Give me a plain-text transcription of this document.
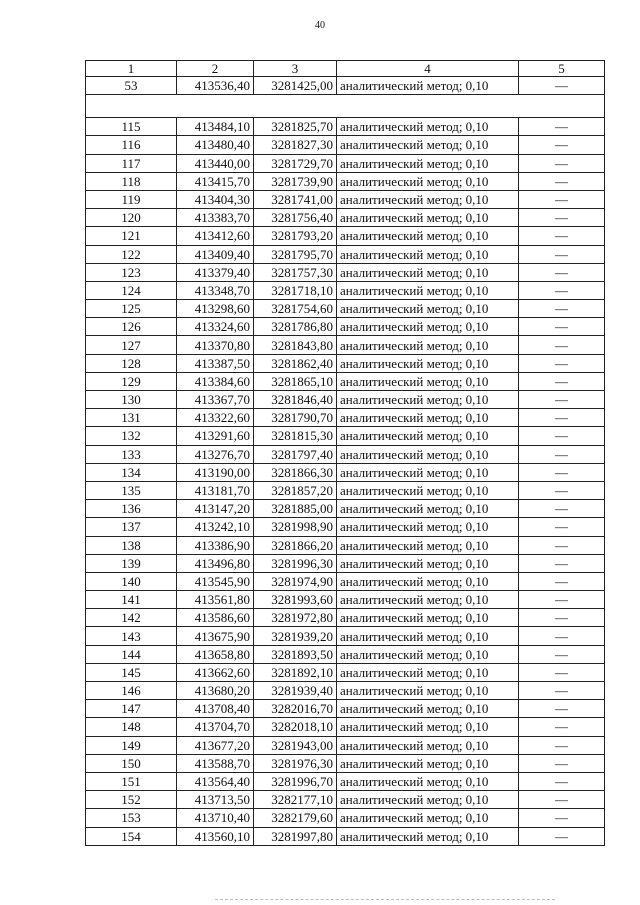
40
1	2	3	4	5
53	413536,40	3281425,00	аналитический метод; 0,10	—

115	413484,10	3281825,70	аналитический метод; 0,10	—
116	413480,40	3281827,30	аналитический метод; 0,10	—
117	413440,00	3281729,70	аналитический метод; 0,10	—
118	413415,70	3281739,90	аналитический метод; 0,10	—
119	413404,30	3281741,00	аналитический метод; 0,10	—
120	413383,70	3281756,40	аналитический метод; 0,10	—
121	413412,60	3281793,20	аналитический метод; 0,10	—
122	413409,40	3281795,70	аналитический метод; 0,10	—
123	413379,40	3281757,30	аналитический метод; 0,10	—
124	413348,70	3281718,10	аналитический метод; 0,10	—
125	413298,60	3281754,60	аналитический метод; 0,10	—
126	413324,60	3281786,80	аналитический метод; 0,10	—
127	413370,80	3281843,80	аналитический метод; 0,10	—
128	413387,50	3281862,40	аналитический метод; 0,10	—
129	413384,60	3281865,10	аналитический метод; 0,10	—
130	413367,70	3281846,40	аналитический метод; 0,10	—
131	413322,60	3281790,70	аналитический метод; 0,10	—
132	413291,60	3281815,30	аналитический метод; 0,10	—
133	413276,70	3281797,40	аналитический метод; 0,10	—
134	413190,00	3281866,30	аналитический метод; 0,10	—
135	413181,70	3281857,20	аналитический метод; 0,10	—
136	413147,20	3281885,00	аналитический метод; 0,10	—
137	413242,10	3281998,90	аналитический метод; 0,10	—
138	413386,90	3281866,20	аналитический метод; 0,10	—
139	413496,80	3281996,30	аналитический метод; 0,10	—
140	413545,90	3281974,90	аналитический метод; 0,10	—
141	413561,80	3281993,60	аналитический метод; 0,10	—
142	413586,60	3281972,80	аналитический метод; 0,10	—
143	413675,90	3281939,20	аналитический метод; 0,10	—
144	413658,80	3281893,50	аналитический метод; 0,10	—
145	413662,60	3281892,10	аналитический метод; 0,10	—
146	413680,20	3281939,40	аналитический метод; 0,10	—
147	413708,40	3282016,70	аналитический метод; 0,10	—
148	413704,70	3282018,10	аналитический метод; 0,10	—
149	413677,20	3281943,00	аналитический метод; 0,10	—
150	413588,70	3281976,30	аналитический метод; 0,10	—
151	413564,40	3281996,70	аналитический метод; 0,10	—
152	413713,50	3282177,10	аналитический метод; 0,10	—
153	413710,40	3282179,60	аналитический метод; 0,10	—
154	413560,10	3281997,80	аналитический метод; 0,10	—
